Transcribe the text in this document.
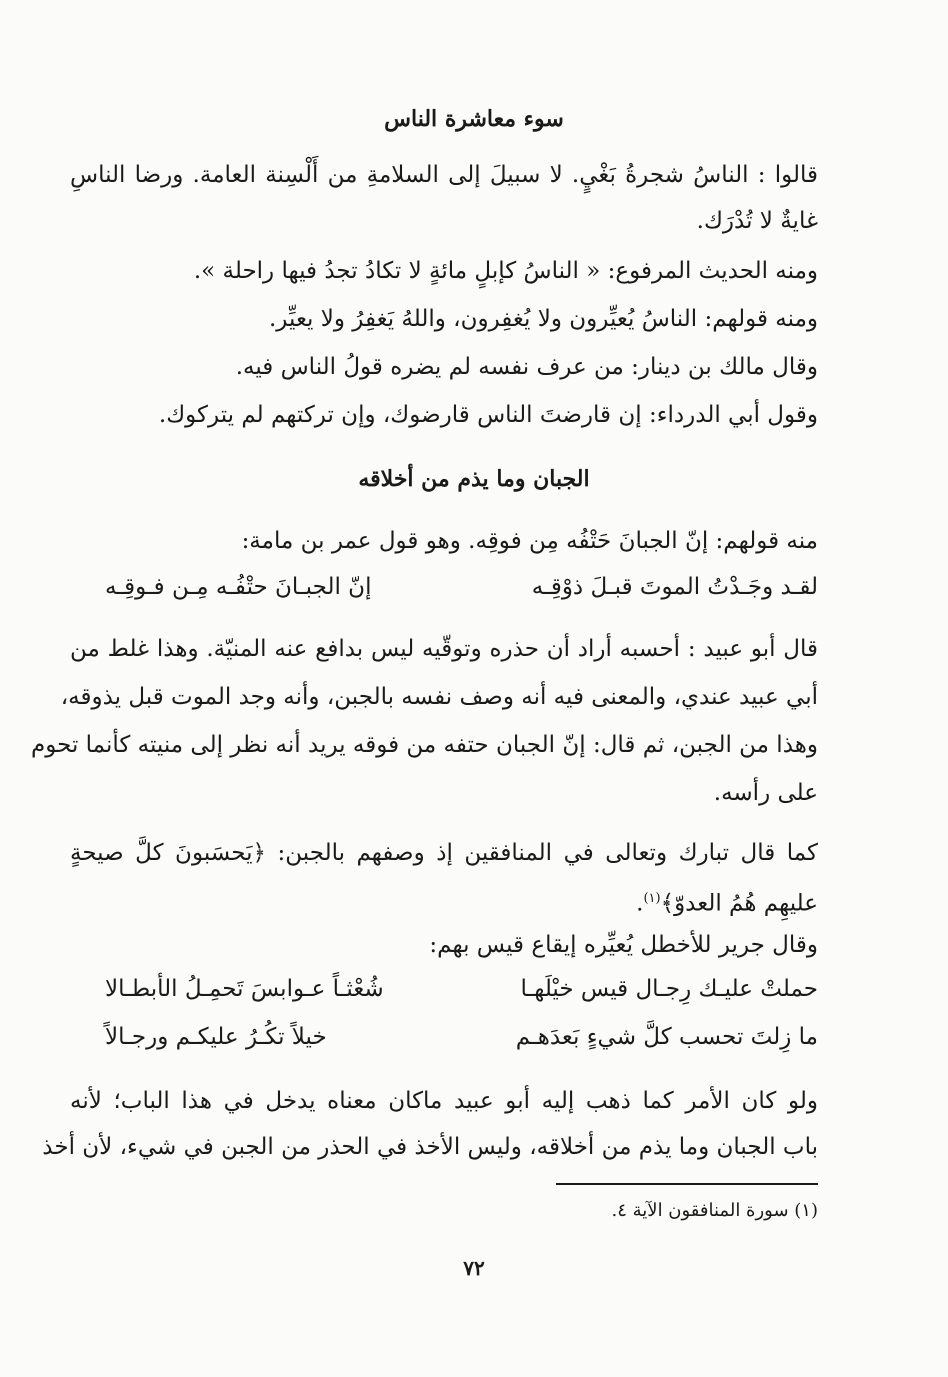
سوء معاشرة الناس
قالوا : الناسُ شجرةُ بَغْيٍ. لا سبيلَ إلى السلامةِ من أَلْسِنة العامة. ورضا الناسِ
غايةٌ لا تُدْرَك.
ومنه الحديث المرفوع: « الناسُ كإبلٍ مائةٍ لا تكادُ تجدُ فيها راحلة ».
ومنه قولهم: الناسُ يُعيِّرون ولا يُغفِرون، واللهُ يَغفِرُ ولا يعيِّر.
وقال مالك بن دينار: من عرف نفسه لم يضره قولُ الناس فيه.
وقول أبي الدرداء: إن قارضتَ الناس قارضوك، وإن تركتهم لم يتركوك.
الجبان وما يذم من أخلاقه
منه قولهم: إنّ الجبانَ حَتْفُه مِن فوقِه. وهو قول عمر بن مامة:
لقـد وجَـدْتُ الموتَ قبـلَ ذوْقِـه
إنّ الجبـانَ حتْفُـه مِـن فـوقِـه
قال أبو عبيد : أحسبه أراد أن حذره وتوقّيه ليس بدافع عنه المنيّة. وهذا غلط من
أبي عبيد عندي، والمعنى فيه أنه وصف نفسه بالجبن، وأنه وجد الموت قبل يذوقه،
وهذا من الجبن، ثم قال: إنّ الجبان حتفه من فوقه يريد أنه نظر إلى منيته كأنما تحوم
على رأسه.
كما قال تبارك وتعالى في المنافقين إذ وصفهم بالجبن: ﴿يَحسَبونَ كلَّ صيحةٍ
عليهِم هُمُ العدوّ﴾$^{(١)}$.
وقال جرير للأخطل يُعيِّره إيقاع قيس بهم:
حملتْ عليـك رِجـال قيس خيْلَهـا
شُعْثـاً عـوابسَ تَحمِـلُ الأبطـالا
ما زِلتَ تحسب كلَّ شيءٍ بَعدَهـم
خيلاً تكُـرُ عليكـم ورجـالاً
ولو كان الأمر كما ذهب إليه أبو عبيد ماكان معناه يدخل في هذا الباب؛ لأنه
باب الجبان وما يذم من أخلاقه، وليس الأخذ في الحذر من الجبن في شيء، لأن أخذ
(١) سورة المنافقون الآية ٤.
٧٢
